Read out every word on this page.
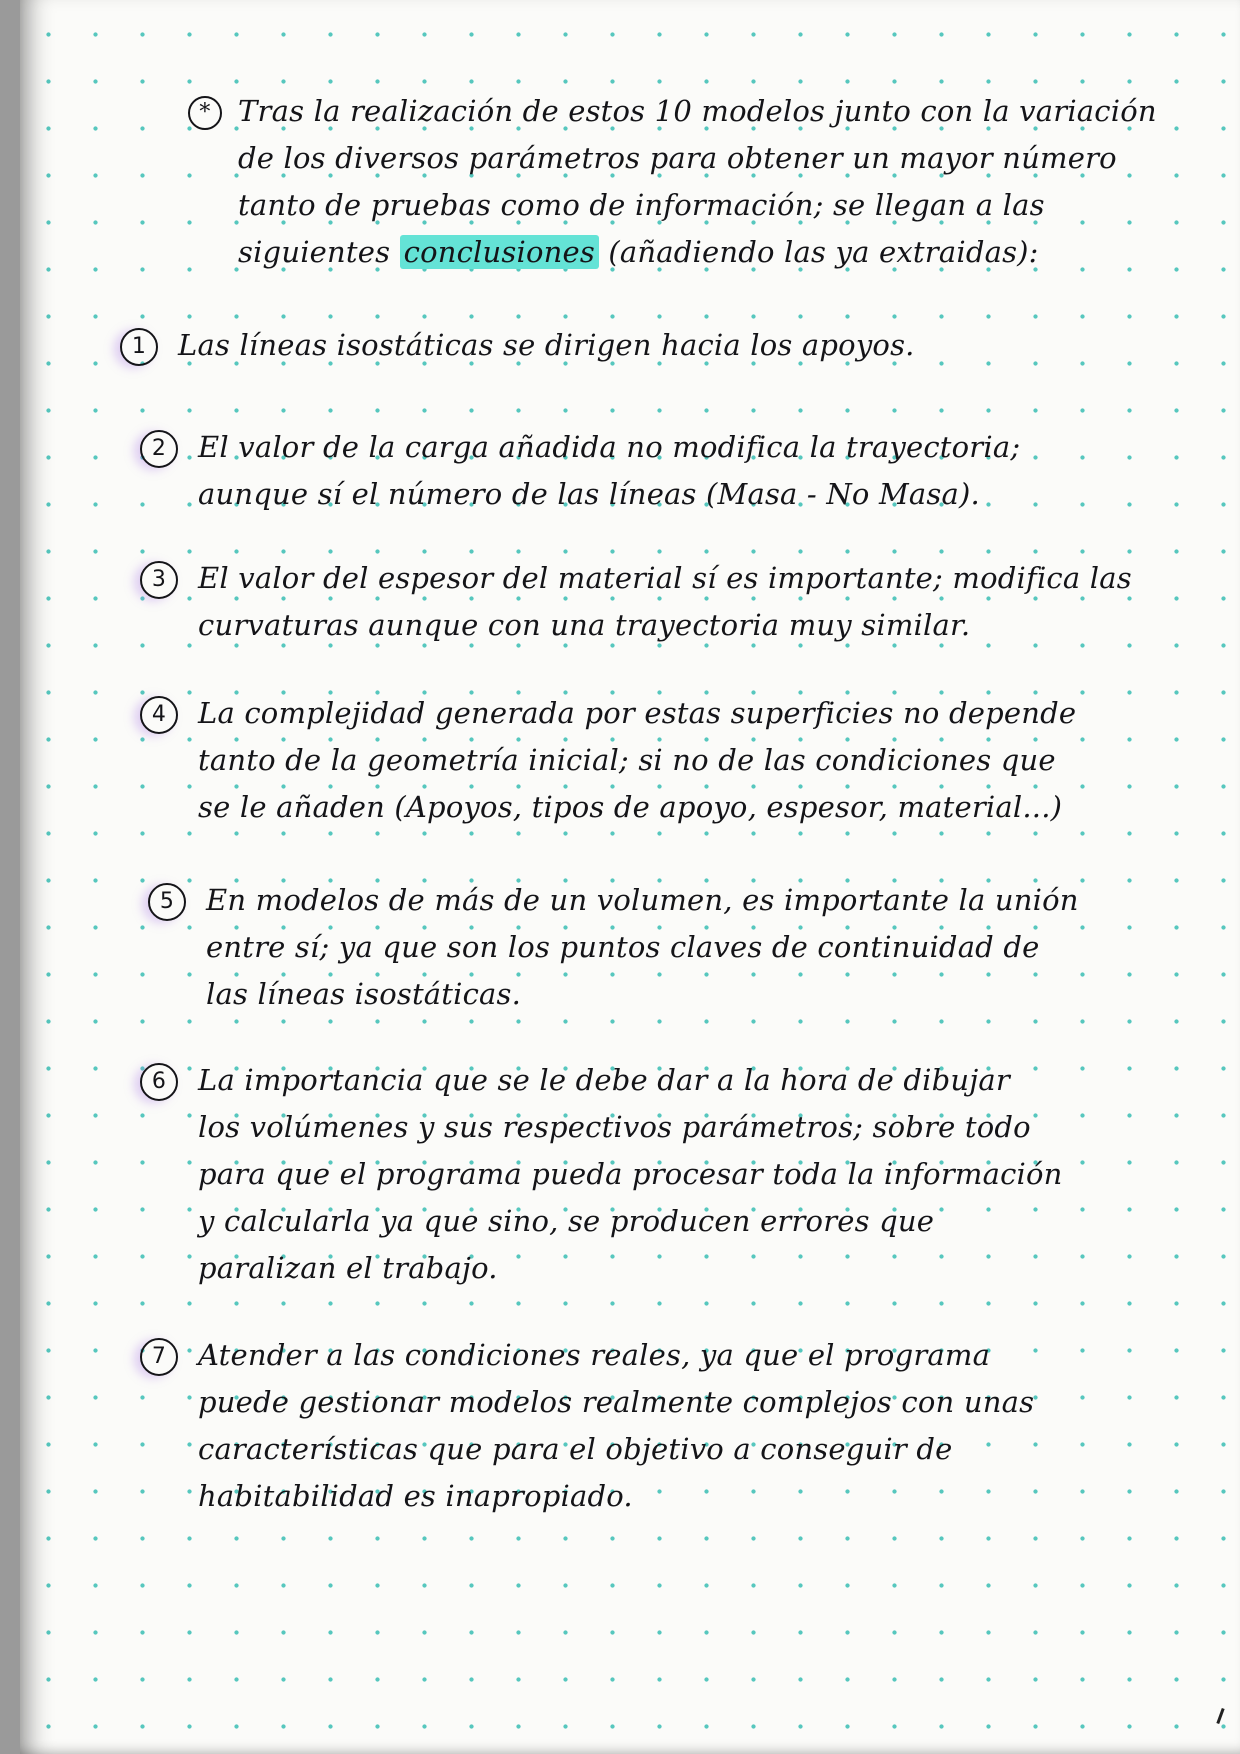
* Tras la realización de estos 10 modelos junto con la variación
de los diversos parámetros para obtener un mayor número
tanto de pruebas como de información; se llegan a las
siguientes conclusiones (añadiendo las ya extraidas):
1	Las líneas isostáticas se dirigen hacia los apoyos.
2	El valor de la carga añadida no modifica la trayectoria;
aunque sí el número de las líneas (Masa - No Masa).
3	El valor del espesor del material sí es importante; modifica las
curvaturas aunque con una trayectoria muy similar.
4	La complejidad generada por estas superficies no depende
tanto de la geometría inicial; si no de las condiciones que
se le añaden (Apoyos, tipos de apoyo, espesor, material...)
5	En modelos de más de un volumen, es importante la unión
entre sí; ya que son los puntos claves de continuidad de
las líneas isostáticas.
6	La importancia que se le debe dar a la hora de dibujar
los volúmenes y sus respectivos parámetros; sobre todo
para que el programa pueda procesar toda la información
y calcularla ya que sino, se producen errores que
paralizan el trabajo.
7	Atender a las condiciones reales, ya que el programa
puede gestionar modelos realmente complejos con unas
características que para el objetivo a conseguir de
habitabilidad es inapropiado.
